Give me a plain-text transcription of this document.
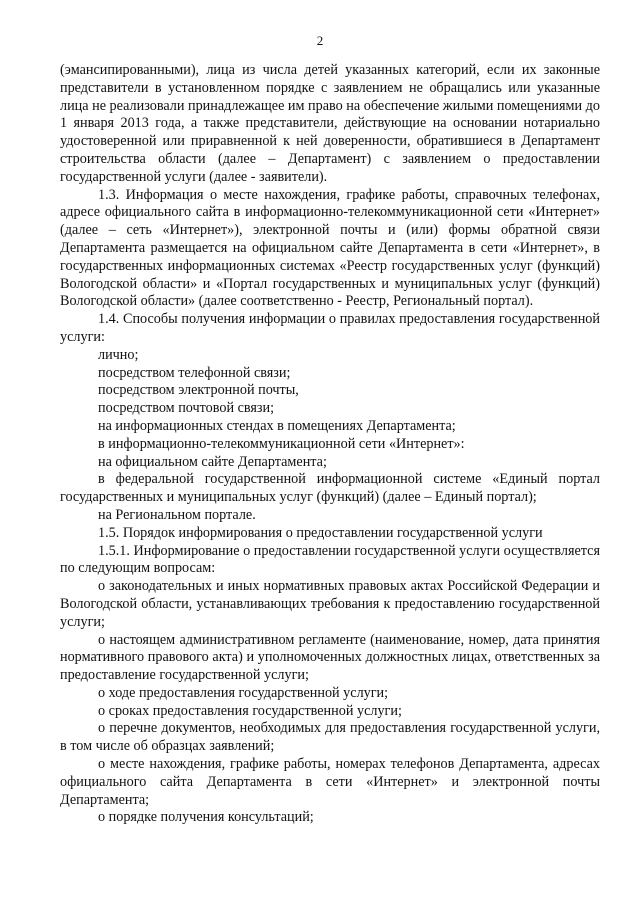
2

(эмансипированными), лица из числа детей указанных категорий, если их законные представители в установленном порядке с заявлением не обращались или указанные лица не реализовали принадлежащее им право на обеспечение жилыми помещениями до 1 января 2013 года, а также представители, действующие на основании нотариально удостоверенной или приравненной к ней доверенности, обратившиеся в Департамент строительства области (далее – Департамент) с заявлением о предоставлении государственной услуги (далее - заявители).

1.3. Информация о месте нахождения, графике работы, справочных телефонах, адресе официального сайта в информационно-телекоммуникационной сети «Интернет» (далее – сеть «Интернет»), электронной почты и (или) формы обратной связи Департамента размещается на официальном сайте Департамента в сети «Интернет», в государственных информационных системах «Реестр государственных услуг (функций) Вологодской области» и «Портал государственных и муниципальных услуг (функций) Вологодской области» (далее соответственно - Реестр, Региональный портал).

1.4. Способы получения информации о правилах предоставления государственной услуги:

лично;

посредством телефонной связи;

посредством электронной почты,

посредством почтовой связи;

на информационных стендах в помещениях Департамента;

в информационно-телекоммуникационной сети «Интернет»:

на официальном сайте Департамента;

в федеральной государственной информационной системе «Единый портал государственных и муниципальных услуг (функций) (далее – Единый портал);

на Региональном портале.

1.5. Порядок информирования о предоставлении государственной услуги

1.5.1. Информирование о предоставлении государственной услуги осуществляется по следующим вопросам:

о законодательных и иных нормативных правовых актах Российской Федерации и Вологодской области, устанавливающих требования к предоставлению государственной услуги;

о настоящем административном регламенте (наименование, номер, дата принятия нормативного правового акта) и уполномоченных должностных лицах, ответственных за предоставление государственной услуги;

о ходе предоставления государственной услуги;

о сроках предоставления государственной услуги;

о перечне документов, необходимых для предоставления государственной услуги, в том числе об образцах заявлений;

о месте нахождения, графике работы, номерах телефонов Департамента, адресах официального сайта Департамента в сети «Интернет» и электронной почты Департамента;

о порядке получения консультаций;
